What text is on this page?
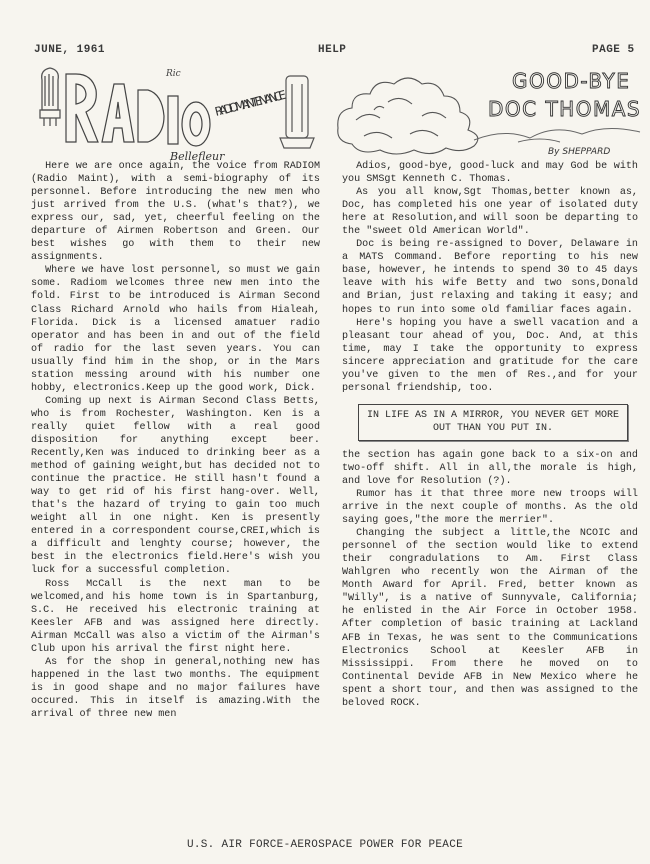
JUNE, 1961	HELP	PAGE 5
Ric
RADIO MAINTENANCE
Bellefleur
GOOD-BYE
DOC THOMAS
By SHEPPARD

Here we are once again, the voice from RADIOM (Radio Maint), with a semi-biography of its personnel. Before introducing the new men who just arrived from the U.S. (what's that?), we express our, sad, yet, cheerful feeling on the departure of Airmen Robertson and Green. Our best wishes go with them to their new assignments.

Where we have lost personnel, so must we gain some. Radiom welcomes three new men into the fold. First to be introduced is Airman Second Class Richard Arnold who hails from Hialeah, Florida. Dick is a licensed amatuer radio operator and has been in and out of the field of radio for the last seven years. You can usually find him in the shop, or in the Mars station messing around with his number one hobby, electronics.Keep up the good work, Dick.

Coming up next is Airman Second Class Betts, who is from Rochester, Washington. Ken is a really quiet fellow with a real good disposition for anything except beer. Recently,Ken was induced to drinking beer as a method of gaining weight,but has decided not to continue the practice. He still hasn't found a way to get rid of his first hang-over. Well, that's the hazard of trying to gain too much weight all in one night. Ken is presently entered in a correspondent course,CREI,which is a difficult and lenghty course; however, the best in the electronics field.Here's wish you luck for a successful completion.

Ross McCall is the next man to be welcomed,and his home town is in Spartanburg, S.C. He received his electronic training at Keesler AFB and was assigned here directly. Airman McCall was also a victim of the Airman's Club upon his arrival the first night here.

As for the shop in general,nothing new has happened in the last two months. The equipment is in good shape and no major failures have occured. This in itself is amazing.With the arrival of three new men

Adios, good-bye, good-luck and may God be with you SMSgt Kenneth C. Thomas.

As you all know,Sgt Thomas,better known as, Doc, has completed his one year of isolated duty here at Resolution,and will soon be departing to the "sweet Old American World".

Doc is being re-assigned to Dover, Delaware in a MATS Command. Before reporting to his new base, however, he intends to spend 30 to 45 days leave with his wife Betty and two sons,Donald and Brian, just relaxing and taking it easy; and hopes to run into some old familiar faces again.

Here's hoping you have a swell vacation and a pleasant tour ahead of you, Doc. And, at this time, may I take the opportunity to express sincere appreciation and gratitude for the care you've given to the men of Res.,and for your personal friendship, too.

IN LIFE AS IN A MIRROR, YOU NEVER GET MORE OUT THAN YOU PUT IN.

the section has again gone back to a six-on and two-off shift. All in all,the morale is high, and love for Resolution (?).

Rumor has it that three more new troops will arrive in the next couple of months. As the old saying goes,"the more the merrier".

Changing the subject a little,the NCOIC and personnel of the section would like to extend their congradulations to Am. First Class Wahlgren who recently won the Airman of the Month Award for April. Fred, better known as "Willy", is a native of Sunnyvale, California; he enlisted in the Air Force in October 1958. After completion of basic training at Lackland AFB in Texas, he was sent to the Communications Electronics School at Keesler AFB in Mississippi. From there he moved on to Continental Devide AFB in New Mexico where he spent a short tour, and then was assigned to the beloved ROCK.

U.S. AIR FORCE-AEROSPACE POWER FOR PEACE
